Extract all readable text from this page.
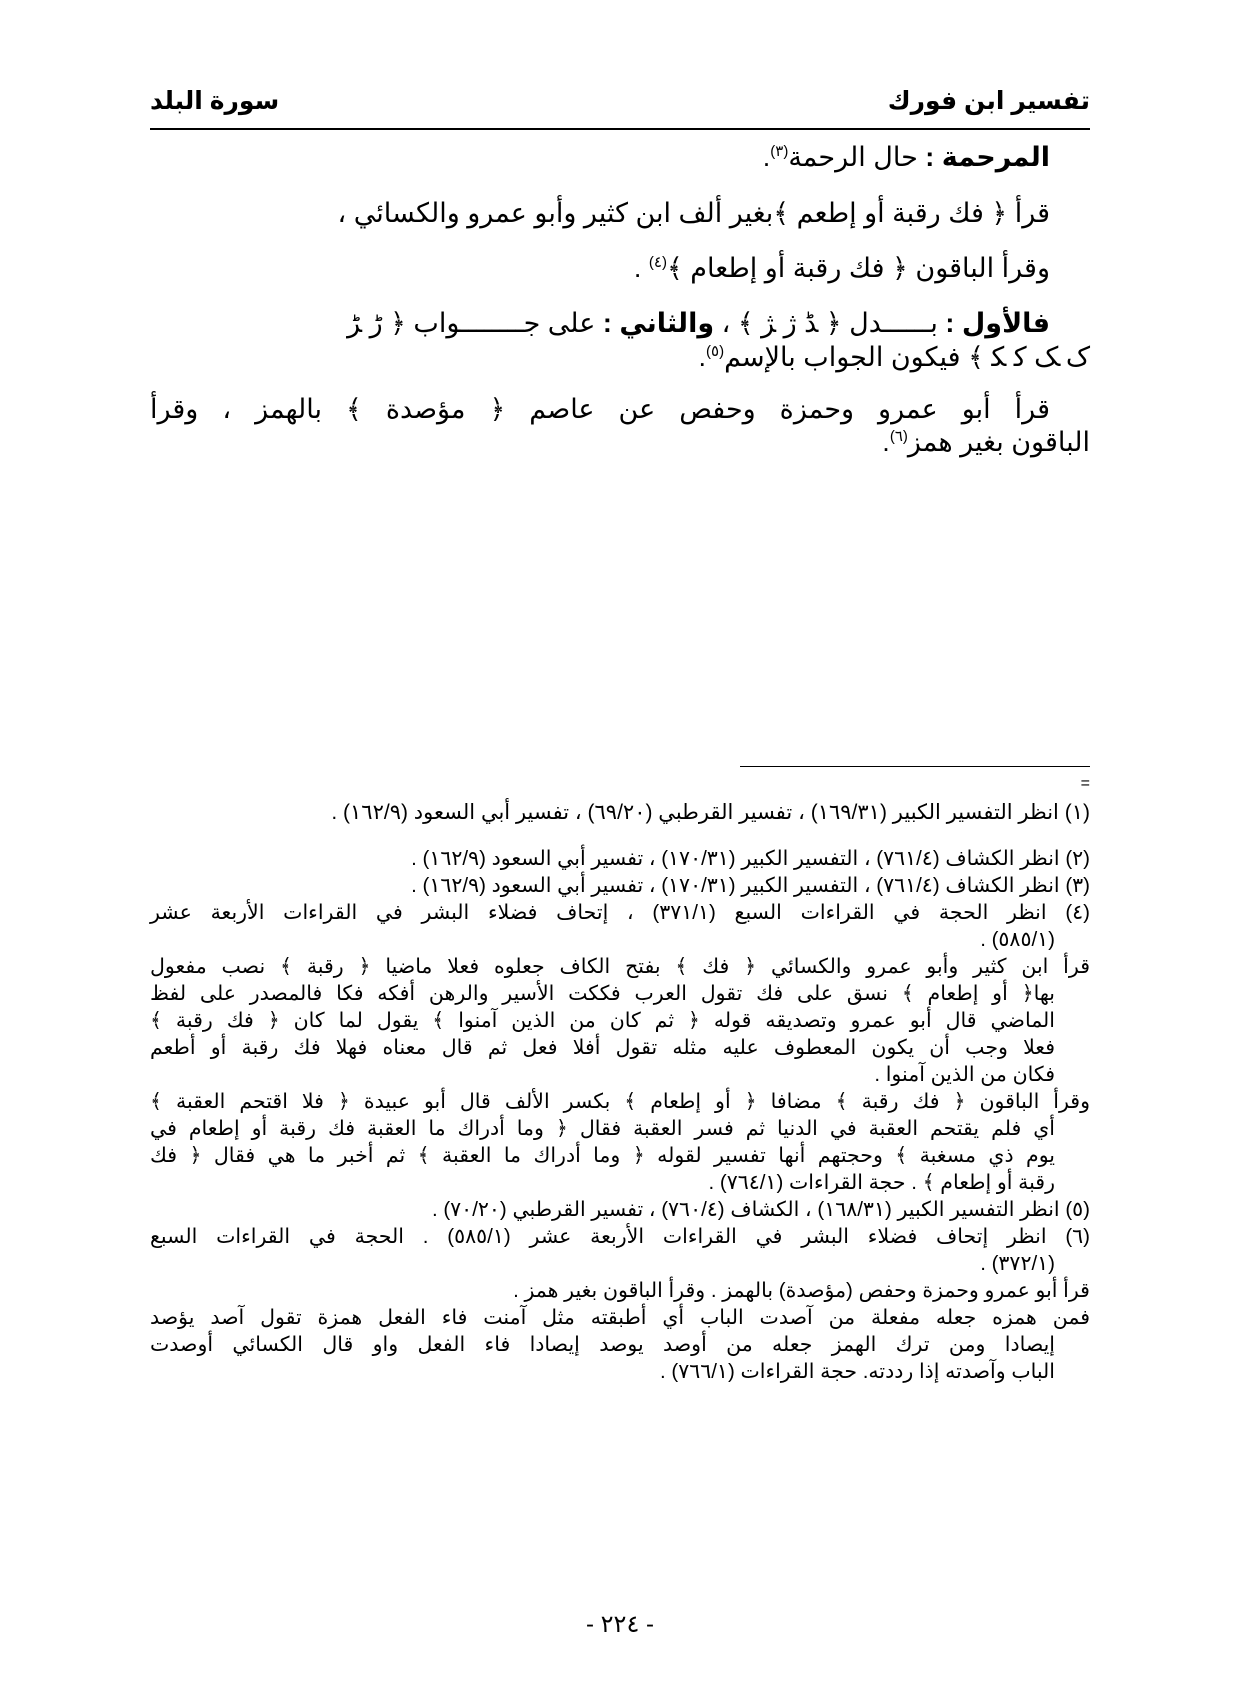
تفسير ابن فورك
سورة البلد
المرحمة : حال الرحمة$^{(٣)}$.
قرأ ﴿ فك رقبة أو إطعم ﴾بغير ألف ابن كثير وأبو عمرو والكسائي ،
وقرأ الباقون ﴿ فك رقبة أو إطعام ﴾$^{(٤)}$ .
فالأول : بــــــدل ﴿ ﮉ ﮊ ﮋ ﴾ ، والثاني : على جــــــــواب ﴿ ﮌ ﮍ
ﮎ ﮏ ﮐ ﮑ ﴾ فيكون الجواب بالإسم$^{(٥)}$.
قرأ أبو عمرو وحمزة وحفص عن عاصم ﴿ مؤصدة ﴾ بالهمز ، وقرأ
الباقون بغير همز$^{(٦)}$.
=
(١) انظر التفسير الكبير (١٦٩/٣١) ، تفسير القرطبي (٦٩/٢٠) ، تفسير أبي السعود (١٦٢/٩) .
(٢) انظر الكشاف (٧٦١/٤) ، التفسير الكبير (١٧٠/٣١) ، تفسير أبي السعود (١٦٢/٩) .
(٣) انظر الكشاف (٧٦١/٤) ، التفسير الكبير (١٧٠/٣١) ، تفسير أبي السعود (١٦٢/٩) .
(٤) انظر الحجة في القراءات السبع (٣٧١/١) ، إتحاف فضلاء البشر في القراءات الأربعة عشر
(٥٨٥/١) .
قرأ ابن كثير وأبو عمرو والكسائي ﴿ فك ﴾ بفتح الكاف جعلوه فعلا ماضيا ﴿ رقبة ﴾ نصب مفعول
بها﴿ أو إطعام ﴾ نسق على فك تقول العرب فككت الأسير والرهن أفكه فكا فالمصدر على لفظ
الماضي قال أبو عمرو وتصديقه قوله ﴿ ثم كان من الذين آمنوا ﴾ يقول لما كان ﴿ فك رقبة ﴾
فعلا وجب أن يكون المعطوف عليه مثله تقول أفلا فعل ثم قال معناه فهلا فك رقبة أو أطعم
فكان من الذين آمنوا .
وقرأ الباقون ﴿ فك رقبة ﴾ مضافا ﴿ أو إطعام ﴾ بكسر الألف قال أبو عبيدة ﴿ فلا اقتحم العقبة ﴾
أي فلم يقتحم العقبة في الدنيا ثم فسر العقبة فقال ﴿ وما أدراك ما العقبة فك رقبة أو إطعام في
يوم ذي مسغبة ﴾ وحجتهم أنها تفسير لقوله ﴿ وما أدراك ما العقبة ﴾ ثم أخبر ما هي فقال ﴿ فك
رقبة أو إطعام ﴾ . حجة القراءات (٧٦٤/١) .
(٥) انظر التفسير الكبير (١٦٨/٣١) ، الكشاف (٧٦٠/٤) ، تفسير القرطبي (٧٠/٢٠) .
(٦) انظر إتحاف فضلاء البشر في القراءات الأربعة عشر (٥٨٥/١) . الحجة في القراءات السبع
(٣٧٢/١) .
قرأ أبو عمرو وحمزة وحفص (مؤصدة) بالهمز . وقرأ الباقون بغير همز .
فمن همزه جعله مفعلة من آصدت الباب أي أطبقته مثل آمنت فاء الفعل همزة تقول آصد يؤصد
إيصادا ومن ترك الهمز جعله من أوصد يوصد إيصادا فاء الفعل واو قال الكسائي أوصدت
الباب وآصدته إذا رددته. حجة القراءات (٧٦٦/١) .
- ٢٢٤ -
